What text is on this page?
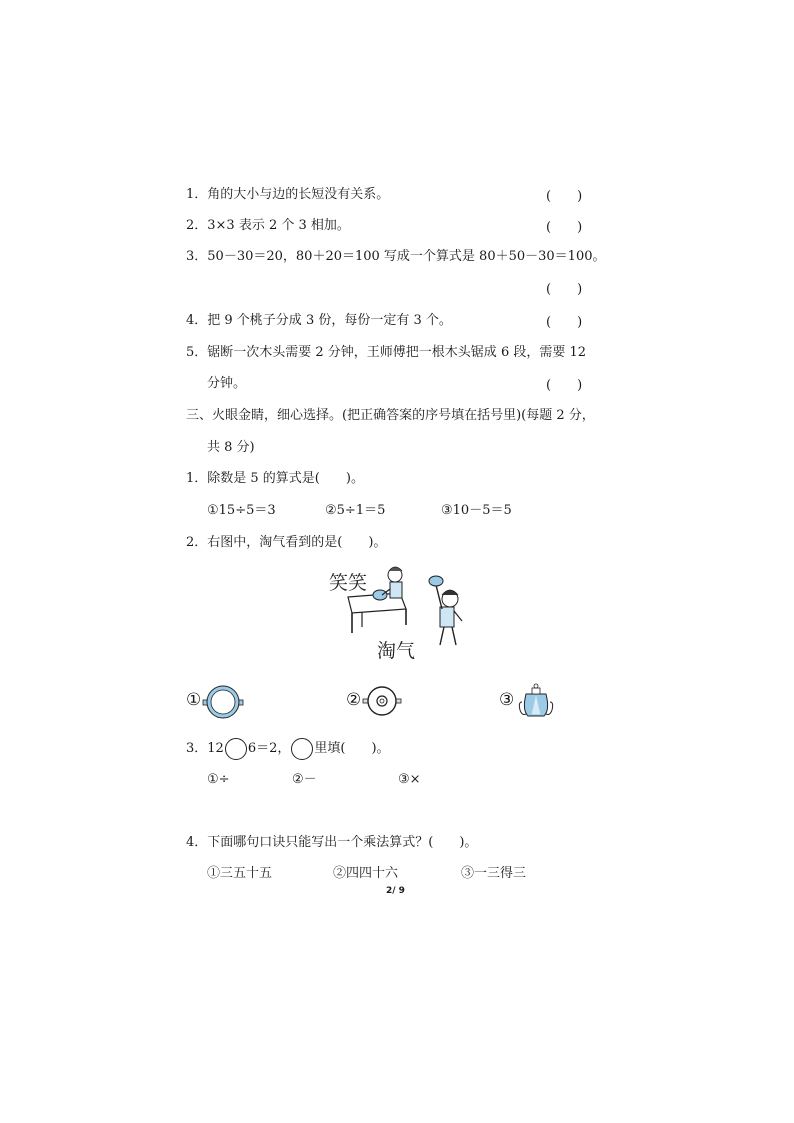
1．角的大小与边的长短没有关系。	(　　)
2．3×3 表示 2 个 3 相加。	(　　)
3．50－30＝20，80＋20＝100 写成一个算式是 80＋50－30＝100。
(　　)
4．把 9 个桃子分成 3 份，每份一定有 3 个。	(　　)
5．锯断一次木头需要 2 分钟，王师傅把一根木头锯成 6 段，需要 12
分钟。	(　　)
三、火眼金睛，细心选择。(把正确答案的序号填在括号里)(每题 2 分，
共 8 分)
1．除数是 5 的算式是(　　)。
①15÷5＝3	②5÷1＝5	③10－5＝5
2．右图中，淘气看到的是(　　)。
笑笑
淘气
①	②	③
3．12 6＝2， 里填(　　)。
①÷	②－	③×
4．下面哪句口诀只能写出一个乘法算式？(　　)。
①三五十五	②四四十六	③一三得三
2/ 9
